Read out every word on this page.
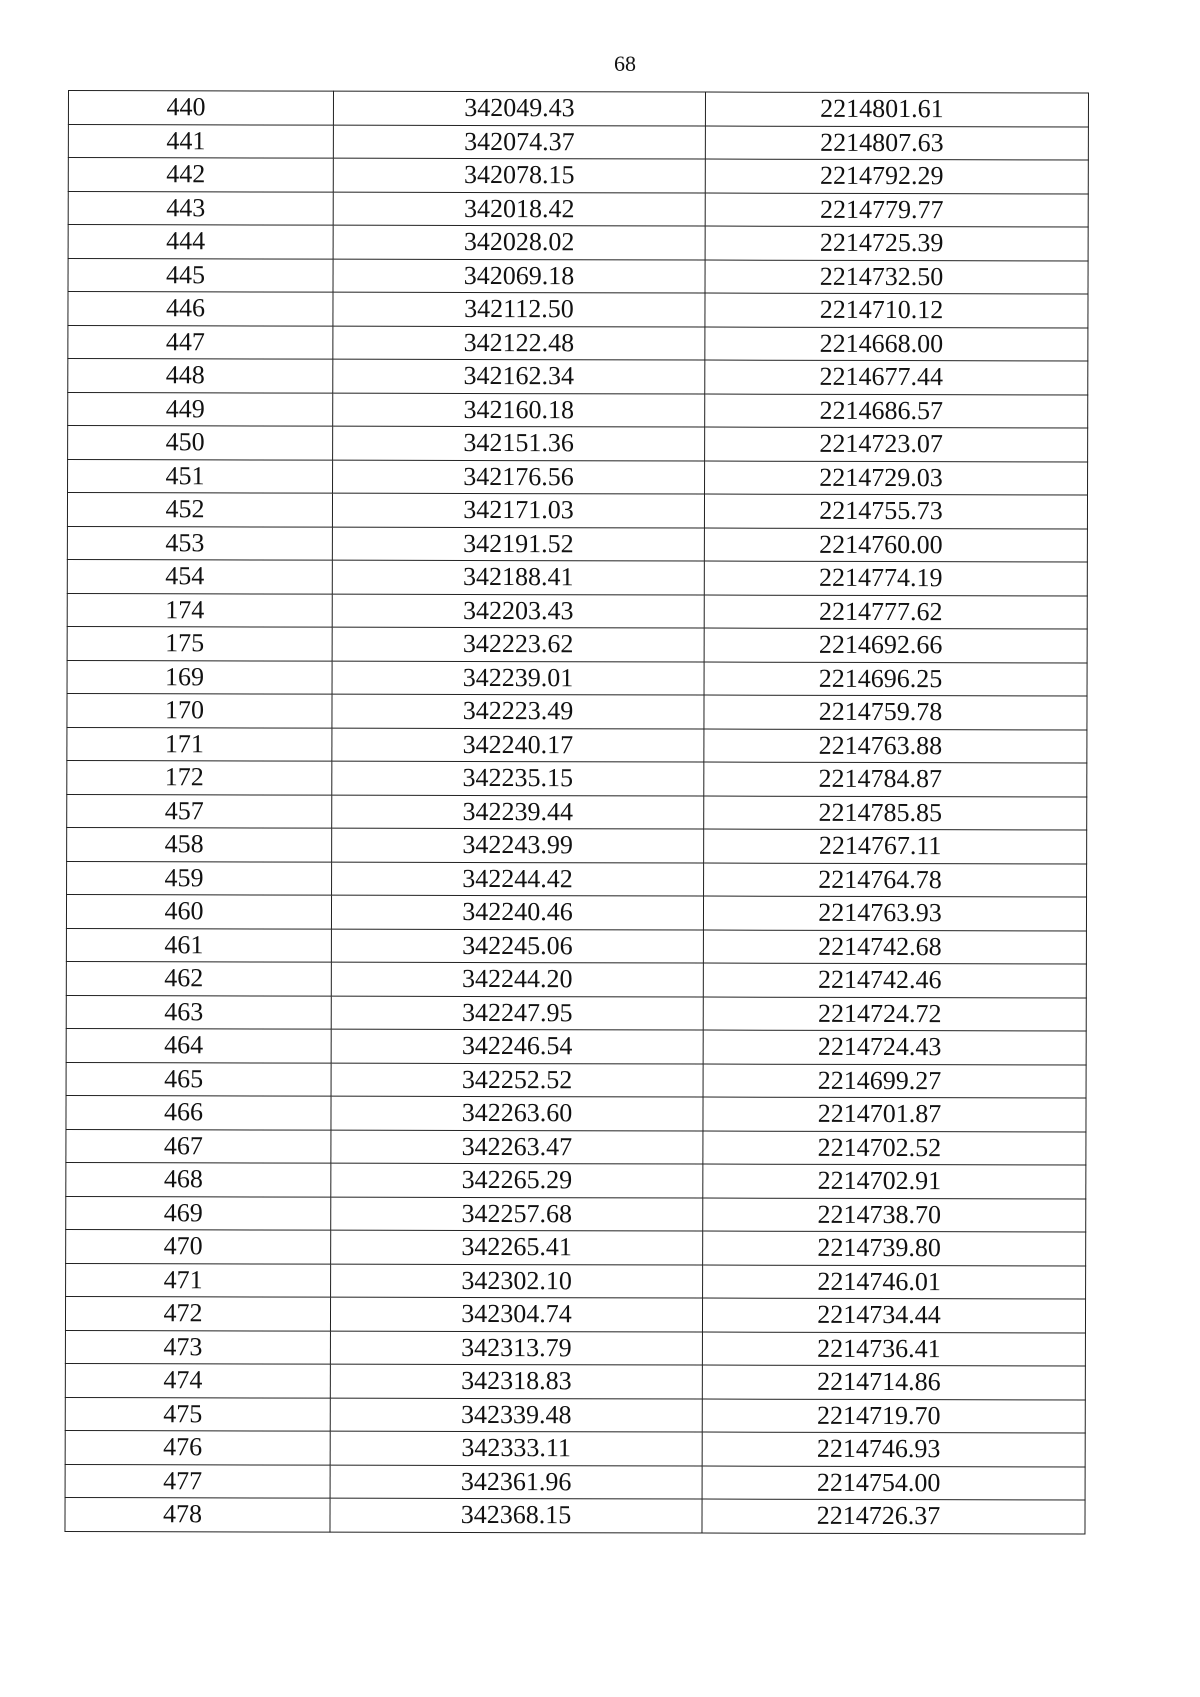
68
440	342049.43	2214801.61
441	342074.37	2214807.63
442	342078.15	2214792.29
443	342018.42	2214779.77
444	342028.02	2214725.39
445	342069.18	2214732.50
446	342112.50	2214710.12
447	342122.48	2214668.00
448	342162.34	2214677.44
449	342160.18	2214686.57
450	342151.36	2214723.07
451	342176.56	2214729.03
452	342171.03	2214755.73
453	342191.52	2214760.00
454	342188.41	2214774.19
174	342203.43	2214777.62
175	342223.62	2214692.66
169	342239.01	2214696.25
170	342223.49	2214759.78
171	342240.17	2214763.88
172	342235.15	2214784.87
457	342239.44	2214785.85
458	342243.99	2214767.11
459	342244.42	2214764.78
460	342240.46	2214763.93
461	342245.06	2214742.68
462	342244.20	2214742.46
463	342247.95	2214724.72
464	342246.54	2214724.43
465	342252.52	2214699.27
466	342263.60	2214701.87
467	342263.47	2214702.52
468	342265.29	2214702.91
469	342257.68	2214738.70
470	342265.41	2214739.80
471	342302.10	2214746.01
472	342304.74	2214734.44
473	342313.79	2214736.41
474	342318.83	2214714.86
475	342339.48	2214719.70
476	342333.11	2214746.93
477	342361.96	2214754.00
478	342368.15	2214726.37
